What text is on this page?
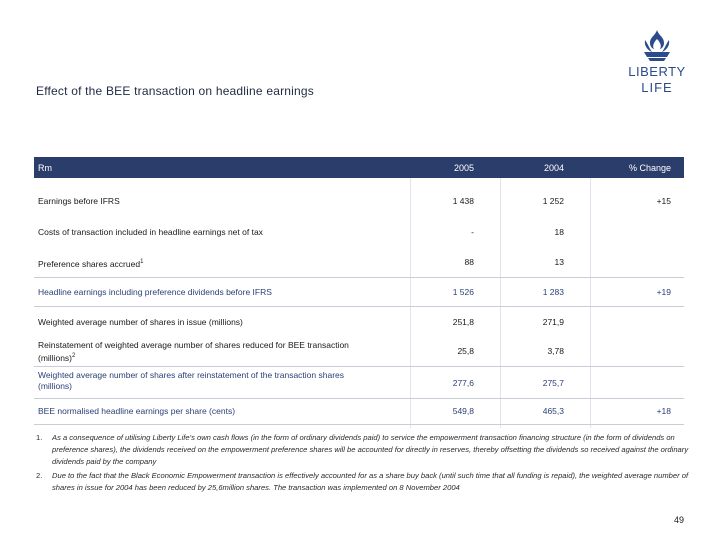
Effect of the BEE transaction on headline earnings
LIBERTY
LIFE
Rm	2005	2004	% Change
Earnings before IFRS	1 438	1 252	+15
Costs of transaction included in headline earnings net of tax	-	18
Preference shares accrued$^1$	88	13
Headline earnings including preference dividends before IFRS	1 526	1 283	+19
Weighted average number of shares in issue (millions)	251,8	271,9
Reinstatement of weighted average number of shares reduced for BEE transaction (millions)$^2$	25,8	3,78
Weighted average number of shares after reinstatement of the transaction shares (millions)	277,6	275,7
BEE normalised headline earnings per share (cents)	549,8	465,3	+18
1. As a consequence of utilising Liberty Life's own cash flows (in the form of ordinary dividends paid) to service the empowerment transaction financing structure (in the form of dividends on preference shares), the dividends received on the empowerment preference shares will be accounted for directly in reserves, thereby offsetting the dividends so received against the ordinary dividends paid by the company
2. Due to the fact that the Black Economic Empowerment transaction is effectively accounted for as a share buy back (until such time that all funding is repaid), the weighted average number of shares in issue for 2004 has been reduced by 25,6million shares. The transaction was implemented on 8 November 2004
49
